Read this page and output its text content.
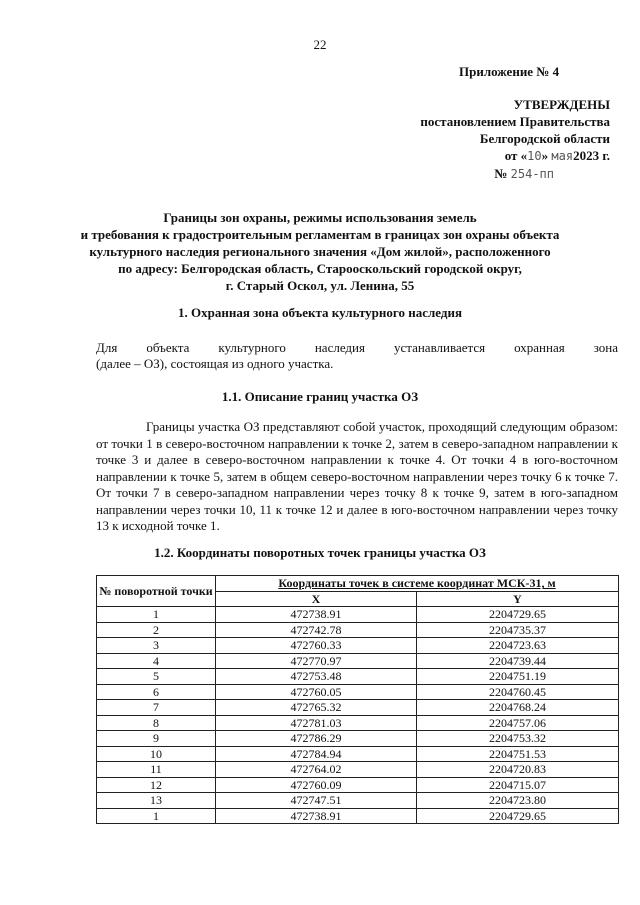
22
Приложение № 4
УТВЕРЖДЕНЫ
постановлением Правительства
Белгородской области
от «10» мая2023 г.
№ 254-пп
Границы зон охраны, режимы использования земель
и требования к градостроительным регламентам в границах зон охраны объекта
культурного наследия регионального значения «Дом жилой», расположенного
по адресу: Белгородская область, Старооскольский городской округ,
г. Старый Оскол, ул. Ленина, 55
1. Охранная зона объекта культурного наследия
Для объекта культурного наследия устанавливается охранная зона
(далее – ОЗ), состоящая из одного участка.
1.1. Описание границ участка ОЗ
Границы участка ОЗ представляют собой участок, проходящий следующим образом: от точки 1 в северо-восточном направлении к точке 2, затем в северо-западном направлении к точке 3 и далее в северо-восточном направлении к точке 4. От точки 4 в юго-восточном направлении к точке 5, затем в общем северо-восточном направлении через точку 6 к точке 7. От точки 7 в северо-западном направлении через точку 8 к точке 9, затем в юго-западном направлении через точки 10, 11 к точке 12 и далее в юго-восточном направлении через точку 13 к исходной точке 1.
1.2. Координаты поворотных точек границы участка ОЗ
№ поворотной точки	Координаты точек в системе координат МСК-31, м	
	X	Y
1	472738.91	2204729.65
2	472742.78	2204735.37
3	472760.33	2204723.63
4	472770.97	2204739.44
5	472753.48	2204751.19
6	472760.05	2204760.45
7	472765.32	2204768.24
8	472781.03	2204757.06
9	472786.29	2204753.32
10	472784.94	2204751.53
11	472764.02	2204720.83
12	472760.09	2204715.07
13	472747.51	2204723.80
1	472738.91	2204729.65
